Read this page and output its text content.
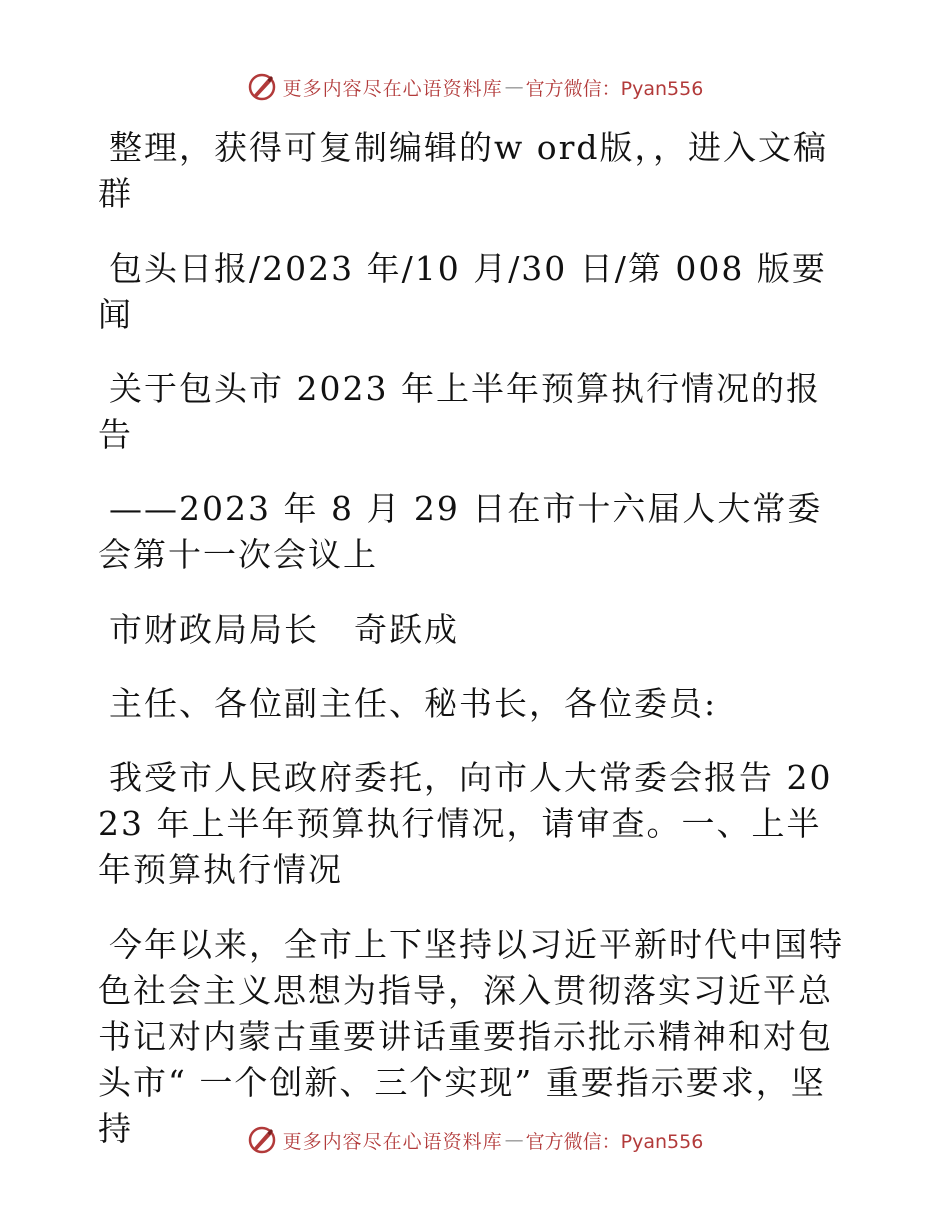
更多内容尽在心语资料库 — 官方微信：Pyan556

整理，获得可复制编辑的w ord版，，进入文稿群

包头日报/2023 年/10 月/30 日/第 008 版要闻

关于包头市 2023 年上半年预算执行情况的报告

——2023 年 8 月 29 日在市十六届人大常委会第十一次会议上

市财政局局长　奇跃成

主任、各位副主任、秘书长，各位委员:

我受市人民政府委托，向市人大常委会报告 2023 年上半年预算执行情况，请审查。一、上半年预算执行情况

今年以来，全市上下坚持以习近平新时代中国特色社会主义思想为指导，深入贯彻落实习近平总书记对内蒙古重要讲话重要指示批示精神和对包头市“ 一个创新、三个实现” 重要指示要求，坚持	更多内容尽在心语资料库 — 官方微信：Pyan556
